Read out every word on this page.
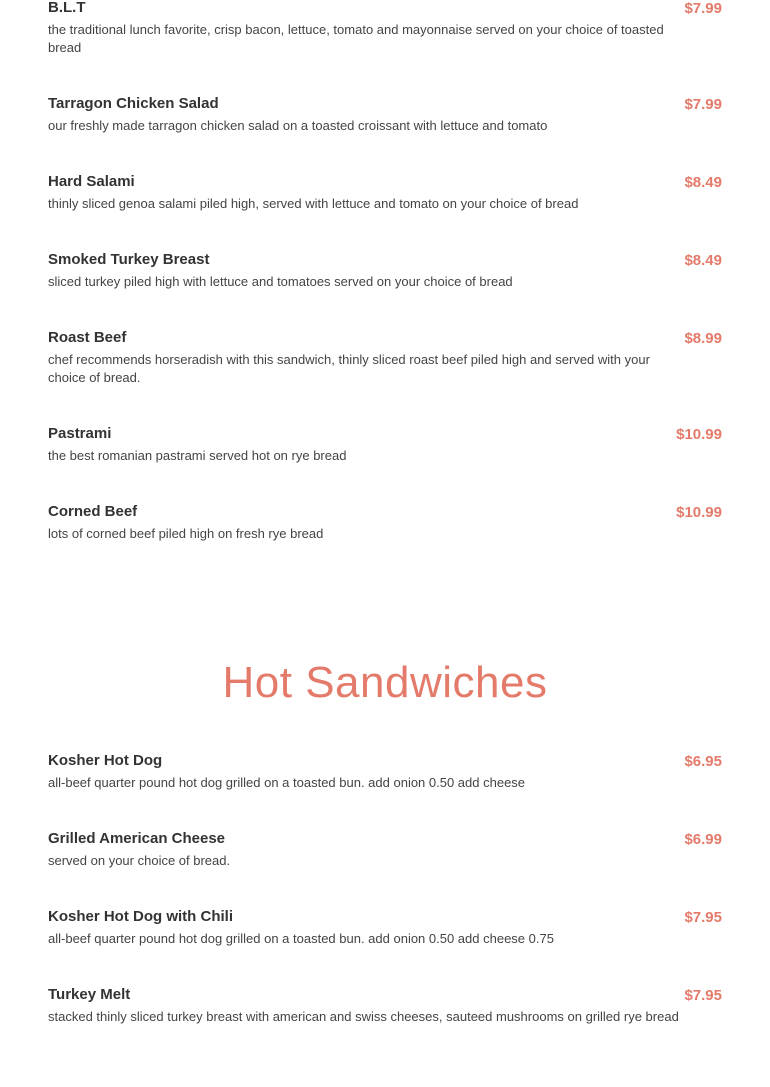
B.L.T	$7.99
the traditional lunch favorite, crisp bacon, lettuce, tomato and mayonnaise served on your choice of toasted bread
Tarragon Chicken Salad	$7.99
our freshly made tarragon chicken salad on a toasted croissant with lettuce and tomato
Hard Salami	$8.49
thinly sliced genoa salami piled high, served with lettuce and tomato on your choice of bread
Smoked Turkey Breast	$8.49
sliced turkey piled high with lettuce and tomatoes served on your choice of bread
Roast Beef	$8.99
chef recommends horseradish with this sandwich, thinly sliced roast beef piled high and served with your choice of bread.
Pastrami	$10.99
the best romanian pastrami served hot on rye bread
Corned Beef	$10.99
lots of corned beef piled high on fresh rye bread
Hot Sandwiches
Kosher Hot Dog	$6.95
all-beef quarter pound hot dog grilled on a toasted bun. add onion 0.50 add cheese
Grilled American Cheese	$6.99
served on your choice of bread.
Kosher Hot Dog with Chili	$7.95
all-beef quarter pound hot dog grilled on a toasted bun. add onion 0.50 add cheese 0.75
Turkey Melt	$7.95
stacked thinly sliced turkey breast with american and swiss cheeses, sauteed mushrooms on grilled rye bread
